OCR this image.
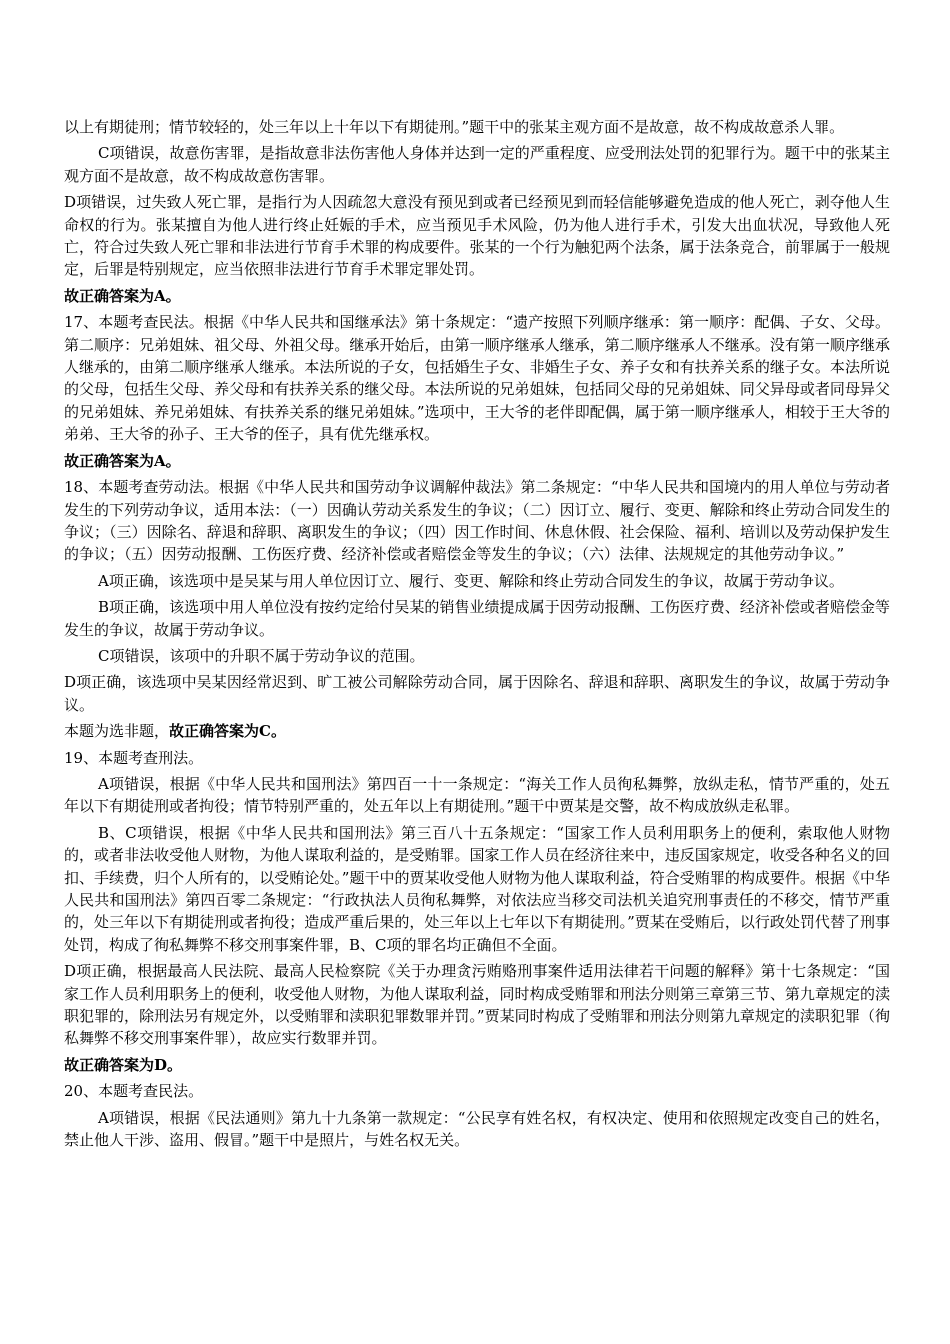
以上有期徒刑；情节较轻的，处三年以上十年以下有期徒刑。”题干中的张某主观方面不是故意，故不构成故意杀人罪。

C项错误，故意伤害罪，是指故意非法伤害他人身体并达到一定的严重程度、应受刑法处罚的犯罪行为。题干中的张某主观方面不是故意，故不构成故意伤害罪。

D项错误，过失致人死亡罪，是指行为人因疏忽大意没有预见到或者已经预见到而轻信能够避免造成的他人死亡，剥夺他人生命权的行为。张某擅自为他人进行终止妊娠的手术，应当预见手术风险，仍为他人进行手术，引发大出血状况，导致他人死亡，符合过失致人死亡罪和非法进行节育手术罪的构成要件。张某的一个行为触犯两个法条，属于法条竞合，前罪属于一般规定，后罪是特别规定，应当依照非法进行节育手术罪定罪处罚。

故正确答案为A。

17、本题考查民法。根据《中华人民共和国继承法》第十条规定：“遗产按照下列顺序继承：第一顺序：配偶、子女、父母。第二顺序：兄弟姐妹、祖父母、外祖父母。继承开始后，由第一顺序继承人继承，第二顺序继承人不继承。没有第一顺序继承人继承的，由第二顺序继承人继承。本法所说的子女，包括婚生子女、非婚生子女、养子女和有扶养关系的继子女。本法所说的父母，包括生父母、养父母和有扶养关系的继父母。本法所说的兄弟姐妹，包括同父母的兄弟姐妹、同父异母或者同母异父的兄弟姐妹、养兄弟姐妹、有扶养关系的继兄弟姐妹。”选项中，王大爷的老伴即配偶，属于第一顺序继承人，相较于王大爷的弟弟、王大爷的孙子、王大爷的侄子，具有优先继承权。

故正确答案为A。

18、本题考查劳动法。根据《中华人民共和国劳动争议调解仲裁法》第二条规定：“中华人民共和国境内的用人单位与劳动者发生的下列劳动争议，适用本法：（一）因确认劳动关系发生的争议；（二）因订立、履行、变更、解除和终止劳动合同发生的争议；（三）因除名、辞退和辞职、离职发生的争议；（四）因工作时间、休息休假、社会保险、福利、培训以及劳动保护发生的争议；（五）因劳动报酬、工伤医疗费、经济补偿或者赔偿金等发生的争议；（六）法律、法规规定的其他劳动争议。”

A项正确，该选项中是吴某与用人单位因订立、履行、变更、解除和终止劳动合同发生的争议，故属于劳动争议。

B项正确，该选项中用人单位没有按约定给付吴某的销售业绩提成属于因劳动报酬、工伤医疗费、经济补偿或者赔偿金等发生的争议，故属于劳动争议。

C项错误，该项中的升职不属于劳动争议的范围。

D项正确，该选项中吴某因经常迟到、旷工被公司解除劳动合同，属于因除名、辞退和辞职、离职发生的争议，故属于劳动争议。

本题为选非题，故正确答案为C。

19、本题考查刑法。

A项错误，根据《中华人民共和国刑法》第四百一十一条规定：“海关工作人员徇私舞弊，放纵走私，情节严重的，处五年以下有期徒刑或者拘役；情节特别严重的，处五年以上有期徒刑。”题干中贾某是交警，故不构成放纵走私罪。

B、C项错误，根据《中华人民共和国刑法》第三百八十五条规定：“国家工作人员利用职务上的便利，索取他人财物的，或者非法收受他人财物，为他人谋取利益的，是受贿罪。国家工作人员在经济往来中，违反国家规定，收受各种名义的回扣、手续费，归个人所有的，以受贿论处。”题干中的贾某收受他人财物为他人谋取利益，符合受贿罪的构成要件。根据《中华人民共和国刑法》第四百零二条规定：“行政执法人员徇私舞弊，对依法应当移交司法机关追究刑事责任的不移交，情节严重的，处三年以下有期徒刑或者拘役；造成严重后果的，处三年以上七年以下有期徒刑。”贾某在受贿后，以行政处罚代替了刑事处罚，构成了徇私舞弊不移交刑事案件罪，B、C项的罪名均正确但不全面。

D项正确，根据最高人民法院、最高人民检察院《关于办理贪污贿赂刑事案件适用法律若干问题的解释》第十七条规定：“国家工作人员利用职务上的便利，收受他人财物，为他人谋取利益，同时构成受贿罪和刑法分则第三章第三节、第九章规定的渎职犯罪的，除刑法另有规定外，以受贿罪和渎职犯罪数罪并罚。”贾某同时构成了受贿罪和刑法分则第九章规定的渎职犯罪（徇私舞弊不移交刑事案件罪），故应实行数罪并罚。

故正确答案为D。

20、本题考查民法。

A项错误，根据《民法通则》第九十九条第一款规定：“公民享有姓名权，有权决定、使用和依照规定改变自己的姓名，禁止他人干涉、盗用、假冒。”题干中是照片，与姓名权无关。
